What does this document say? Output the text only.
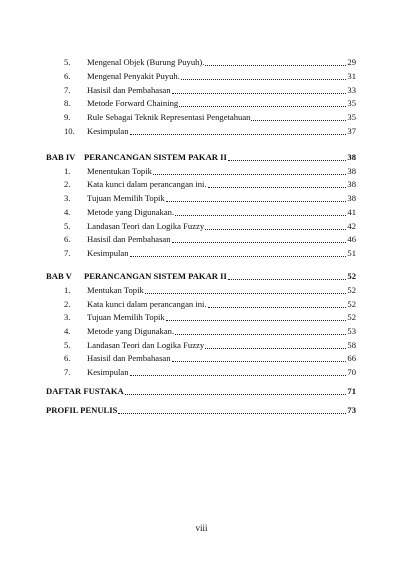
5.	Mengenal Objek (Burung Puyuh).	29
6.	Mengenal Penyakit Puyuh.	31
7.	Hasisil dan Pembahasan	33
8.	Metode Forward Chaining	35
9.	Rule Sebagai Teknik Representasi Pengetahuan	35
10.	Kesimpulan	37
BAB IV	PERANCANGAN SISTEM PAKAR II	38
1.	Menentukan Topik	38
2.	Kata kunci dalam perancangan ini.	38
3.	Tujuan Memilih Topik	38
4.	Metode yang Digunakan.	41
5.	Landasan Teori dan Logika Fuzzy	42
6.	Hasisil dan Pembahasan	46
7.	Kesimpulan	51
BAB V	PERANCANGAN SISTEM PAKAR II	52
1.	Mentukan Topik	52
2.	Kata kunci dalam perancangan ini.	52
3.	Tujuan Memilih Topik	52
4.	Metode yang Digunakan.	53
5.	Landasan Teori dan Logika Fuzzy	58
6.	Hasisil dan Pembahasan	66
7.	Kesimpulan	70
DAFTAR FUSTAKA	71
PROFIL PENULIS	73
viii
